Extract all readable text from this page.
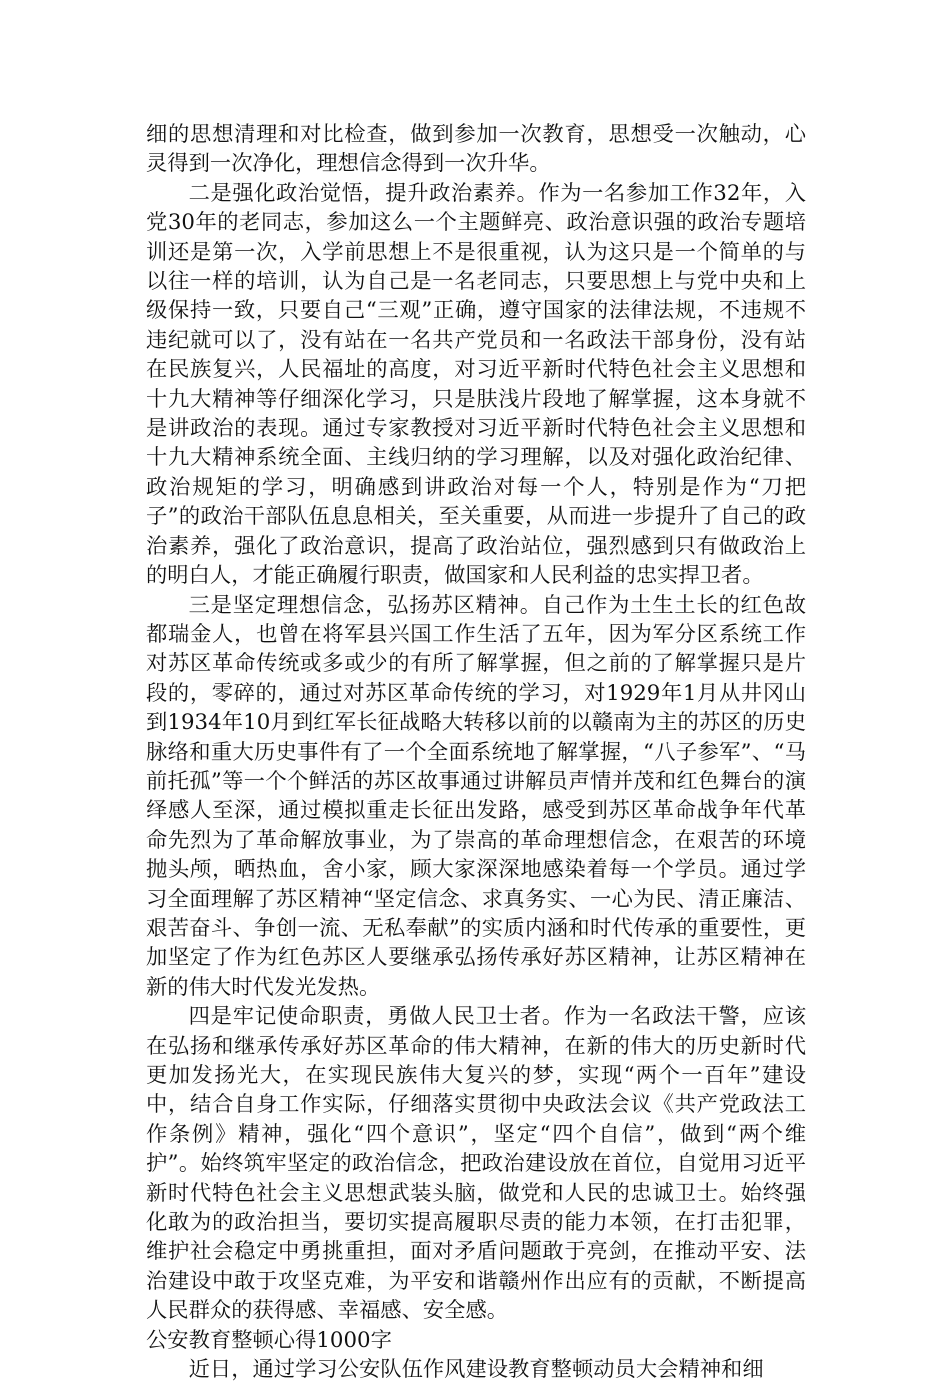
细的思想清理和对比检查，做到参加一次教育，思想受一次触动，心灵得到一次净化，理想信念得到一次升华。

二是强化政治觉悟，提升政治素养。作为一名参加工作32年，入党30年的老同志，参加这么一个主题鲜亮、政治意识强的政治专题培训还是第一次，入学前思想上不是很重视，认为这只是一个简单的与以往一样的培训，认为自己是一名老同志，只要思想上与党中央和上级保持一致，只要自己“三观”正确，遵守国家的法律法规，不违规不违纪就可以了，没有站在一名共产党员和一名政法干部身份，没有站在民族复兴，人民福址的高度，对习近平新时代特色社会主义思想和十九大精神等仔细深化学习，只是肤浅片段地了解掌握，这本身就不是讲政治的表现。通过专家教授对习近平新时代特色社会主义思想和十九大精神系统全面、主线归纳的学习理解，以及对强化政治纪律、政治规矩的学习，明确感到讲政治对每一个人，特别是作为“刀把子”的政治干部队伍息息相关，至关重要，从而进一步提升了自己的政治素养，强化了政治意识，提高了政治站位，强烈感到只有做政治上的明白人，才能正确履行职责，做国家和人民利益的忠实捍卫者。

三是坚定理想信念，弘扬苏区精神。自己作为土生土长的红色故都瑞金人，也曾在将军县兴国工作生活了五年，因为军分区系统工作对苏区革命传统或多或少的有所了解掌握，但之前的了解掌握只是片段的，零碎的，通过对苏区革命传统的学习，对1929年1月从井冈山到1934年10月到红军长征战略大转移以前的以赣南为主的苏区的历史脉络和重大历史事件有了一个全面系统地了解掌握，“八子参军”、“马前托孤”等一个个鲜活的苏区故事通过讲解员声情并茂和红色舞台的演绎感人至深，通过模拟重走长征出发路，感受到苏区革命战争年代革命先烈为了革命解放事业，为了崇高的革命理想信念，在艰苦的环境抛头颅，晒热血，舍小家，顾大家深深地感染着每一个学员。通过学习全面理解了苏区精神“坚定信念、求真务实、一心为民、清正廉洁、艰苦奋斗、争创一流、无私奉献”的实质内涵和时代传承的重要性，更加坚定了作为红色苏区人要继承弘扬传承好苏区精神，让苏区精神在新的伟大时代发光发热。

四是牢记使命职责，勇做人民卫士者。作为一名政法干警，应该在弘扬和继承传承好苏区革命的伟大精神，在新的伟大的历史新时代更加发扬光大，在实现民族伟大复兴的梦，实现“两个一百年”建设中，结合自身工作实际，仔细落实贯彻中央政法会议《共产党政法工作条例》精神，强化“四个意识”，坚定“四个自信”，做到“两个维护”。始终筑牢坚定的政治信念，把政治建设放在首位，自觉用习近平新时代特色社会主义思想武装头脑，做党和人民的忠诚卫士。始终强化敢为的政治担当，要切实提高履职尽责的能力本领，在打击犯罪，维护社会稳定中勇挑重担，面对矛盾问题敢于亮剑，在推动平安、法治建设中敢于攻坚克难，为平安和谐赣州作出应有的贡献，不断提高人民群众的获得感、幸福感、安全感。

公安教育整顿心得1000字

近日，通过学习公安队伍作风建设教育整顿动员大会精神和细
